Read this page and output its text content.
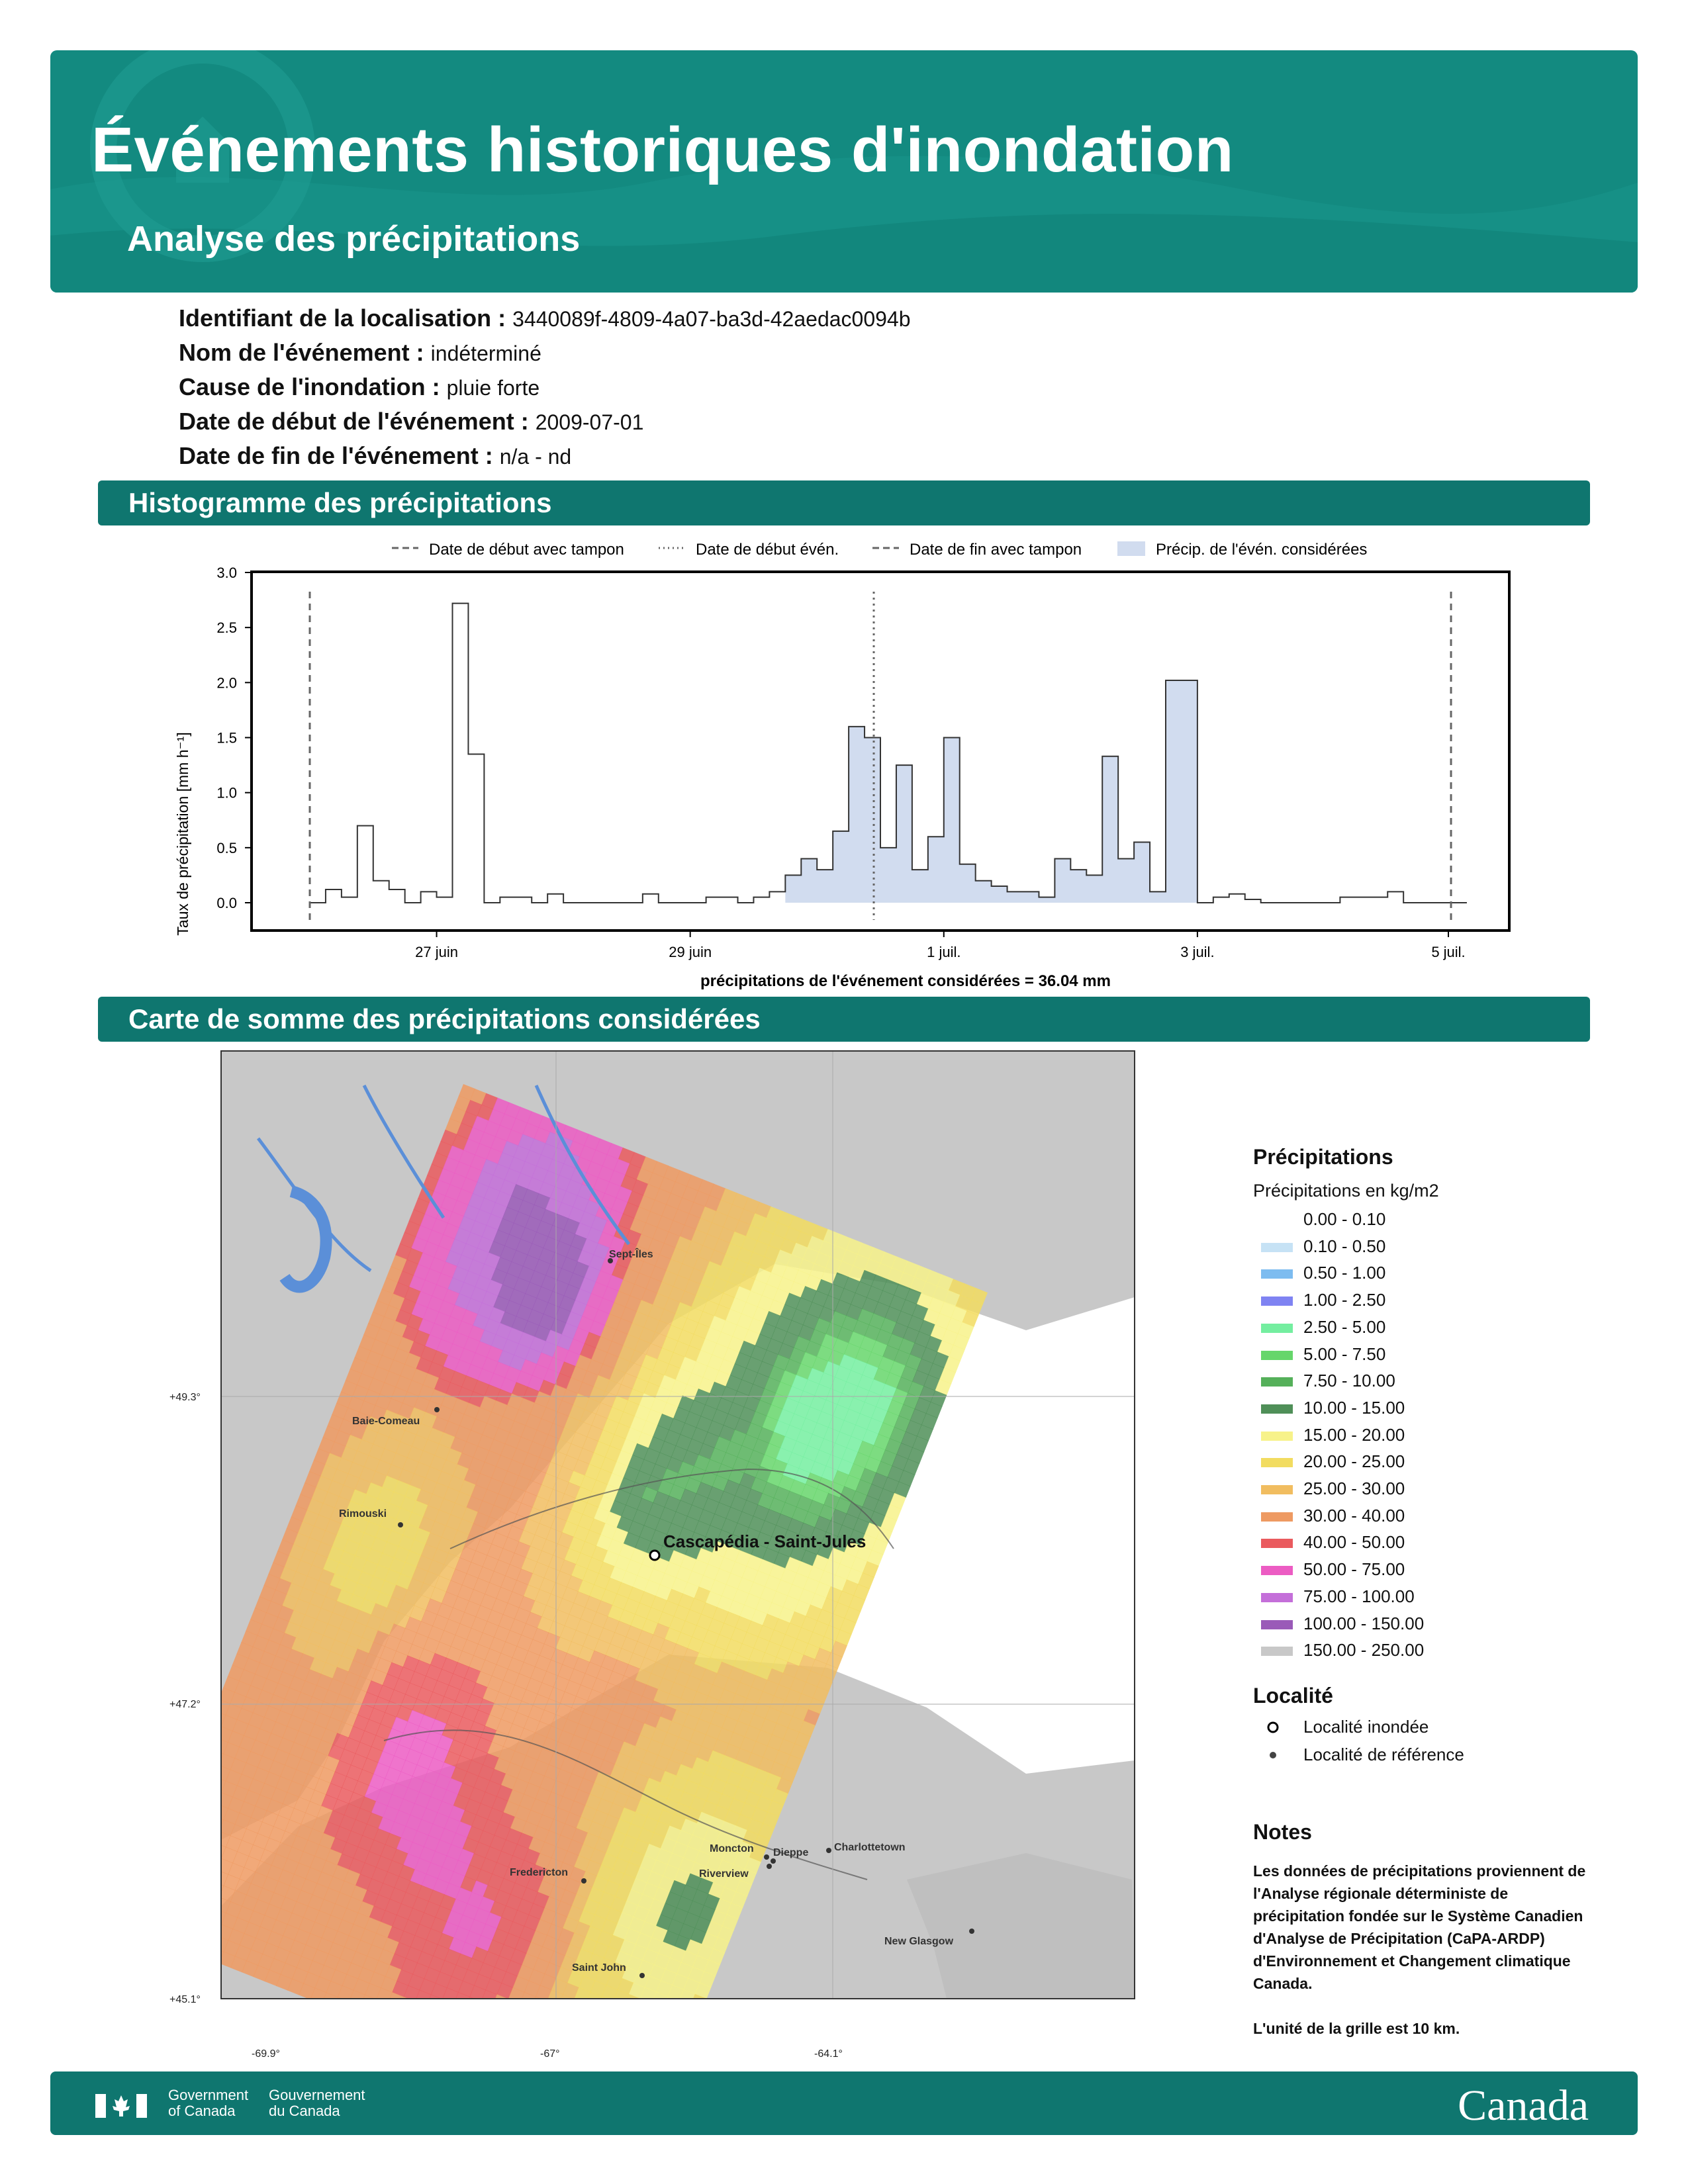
Événements historiques d'inondation
Analyse des précipitations
Identifiant de la localisation : 3440089f-4809-4a07-ba3d-42aedac0094b
Nom de l'événement : indéterminé
Cause de l'inondation : pluie forte
Date de début de l'événement : 2009-07-01
Date de fin de l'événement : n/a - nd
Histogramme des précipitations
Date de début avec tampon	Date de début évén.	Date de fin avec tampon	Précip. de l'évén. considérées
Taux de précipitation [mm h⁻¹]
précipitations de l'événement considérées = 36.04 mm
0.0
0.5
1.0
1.5
2.0
2.5
3.0
27 juin	29 juin	1 juil.	3 juil.	5 juil.
Carte de somme des précipitations considérées
Sept-Îles
Baie-Comeau
Rimouski
Cascapédia - Saint-Jules
Moncton Dieppe
Riverview
Charlottetown
Fredericton
Saint John
New Glasgow
+49.3°
+47.2°
+45.1°
-69.9°	-67°	-64.1°
Précipitations
Précipitations en kg/m2
0.00 - 0.10
0.10 - 0.50
0.50 - 1.00
1.00 - 2.50
2.50 - 5.00
5.00 - 7.50
7.50 - 10.00
10.00 - 15.00
15.00 - 20.00
20.00 - 25.00
25.00 - 30.00
30.00 - 40.00
40.00 - 50.00
50.00 - 75.00
75.00 - 100.00
100.00 - 150.00
150.00 - 250.00
Localité
Localité inondée
Localité de référence
Notes
Les données de précipitations proviennent de l'Analyse régionale déterministe de précipitation fondée sur le Système Canadien d'Analyse de Précipitation (CaPA-ARDP) d'Environnement et Changement climatique Canada.
L'unité de la grille est 10 km.
Government
of Canada
Gouvernement
du Canada	Canada
